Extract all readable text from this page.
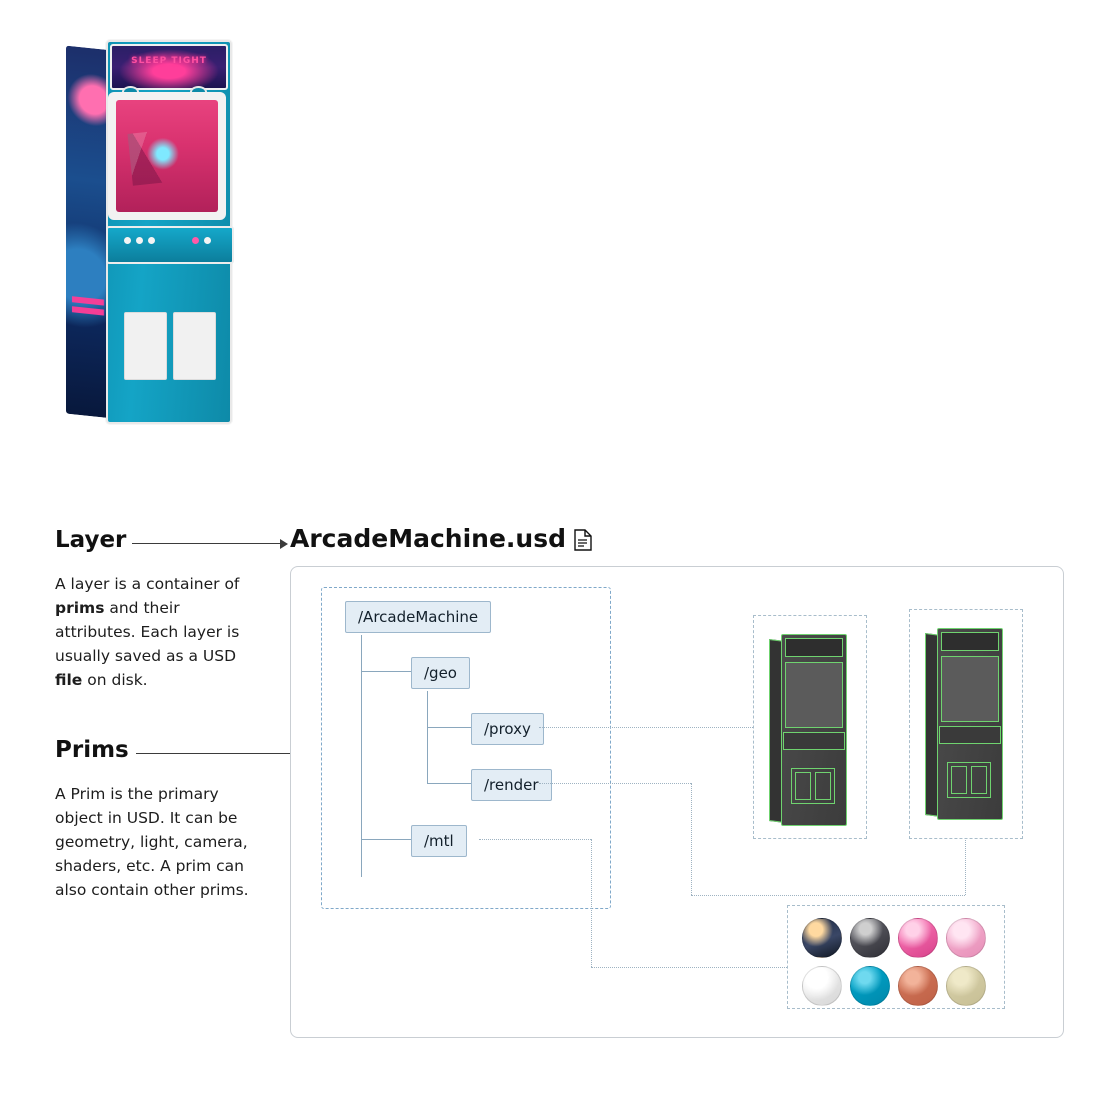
SLEEP TIGHT
Layer
A layer is a container of prims and their attributes. Each layer is usually saved as a USD file on disk.
Prims
A Prim is the primary object in USD. It can be geometry, light, camera, shaders, etc. A prim can also contain other prims.
ArcadeMachine.usd
/ArcadeMachine
/geo
/proxy
/render
/mtl
